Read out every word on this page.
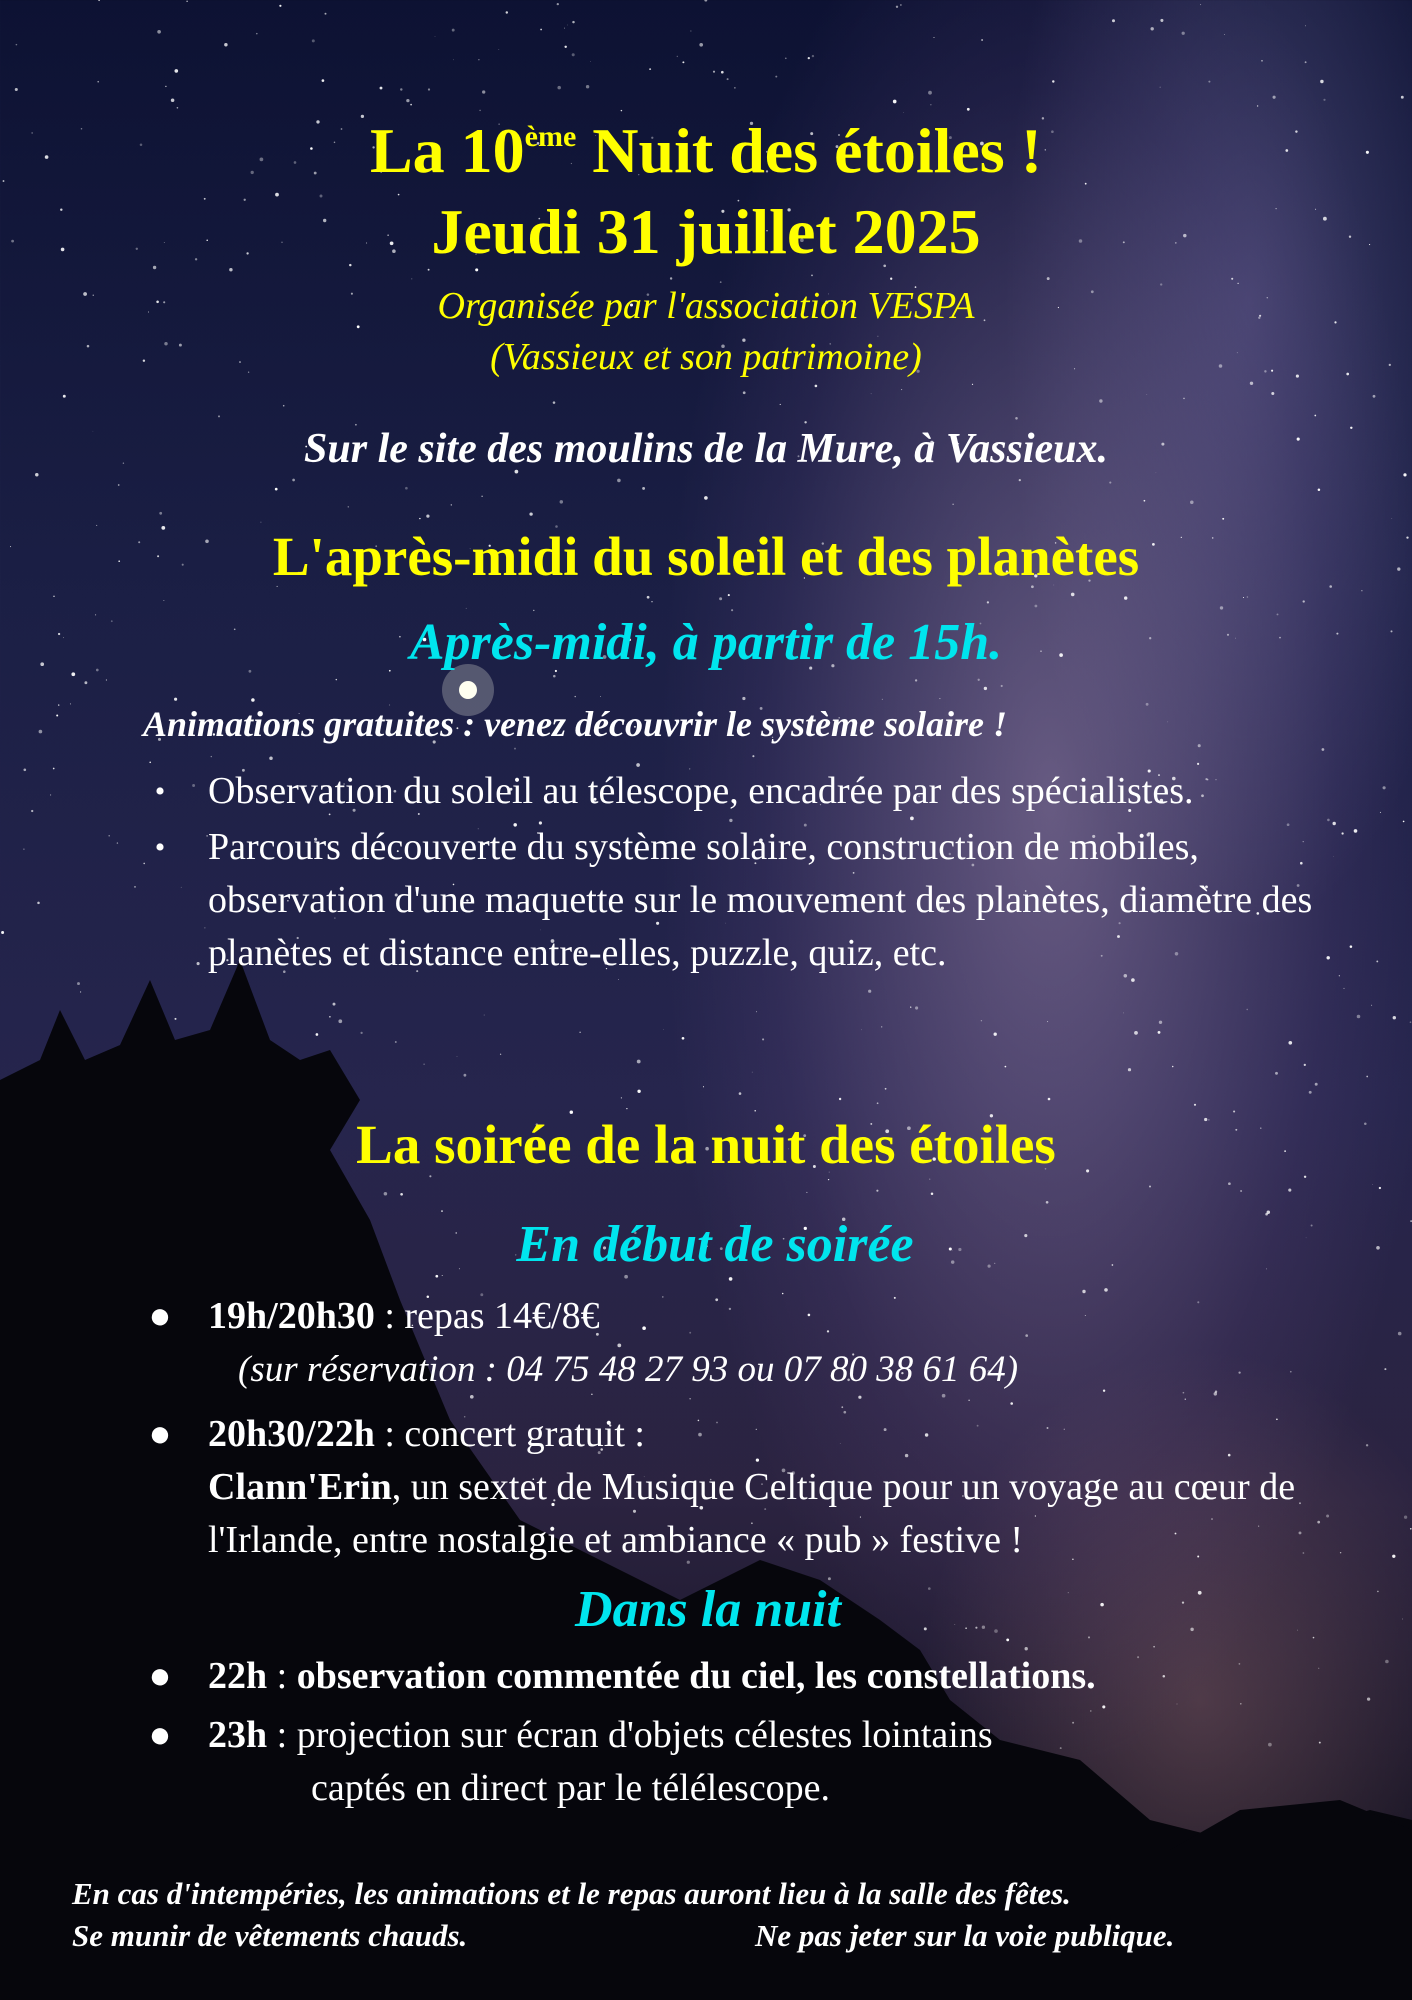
La 10ème Nuit des étoiles !
Jeudi 31 juillet 2025
Organisée par l'association VESPA
(Vassieux et son patrimoine)
Sur le site des moulins de la Mure, à Vassieux.
L'après-midi du soleil et des planètes
Après-midi, à partir de 15h.
Animations gratuites : venez découvrir le système solaire !
•	Observation du soleil au télescope, encadrée par des spécialistes.
•	Parcours découverte du système solaire, construction de mobiles, observation d'une maquette sur le mouvement des planètes, diamètre des planètes et distance entre-elles, puzzle, quiz, etc.
La soirée de la nuit des étoiles
En début de soirée
● 19h/20h30 : repas 14€/8€
(sur réservation : 04 75 48 27 93 ou 07 80 38 61 64)
● 20h30/22h : concert gratuit :
Clann'Erin, un sextet de Musique Celtique pour un voyage au cœur de l'Irlande, entre nostalgie et ambiance « pub » festive !
Dans la nuit
● 22h : observation commentée du ciel, les constellations.
● 23h : projection sur écran d'objets célestes lointains
captés en direct par le télélescope.
En cas d'intempéries, les animations et le repas auront lieu à la salle des fêtes.
Se munir de vêtements chauds.	Ne pas jeter sur la voie publique.
